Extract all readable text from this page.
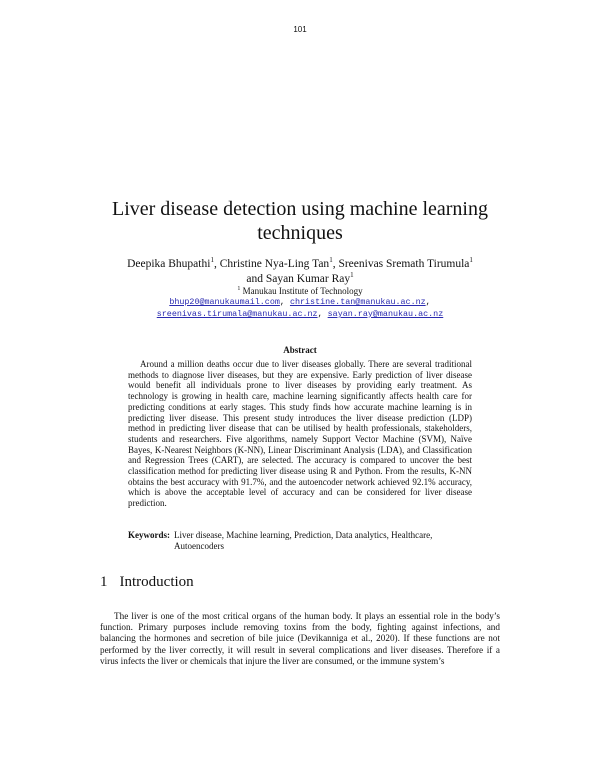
101
Liver disease detection using machine learning techniques
Deepika Bhupathi$^1$, Christine Nya-Ling Tan$^1$, Sreenivas Sremath Tirumula$^1$
and Sayan Kumar Ray$^1$
$^1$ Manukau Institute of Technology
bhup20@manukaumail.com, christine.tan@manukau.ac.nz,
sreenivas.tirumala@manukau.ac.nz, sayan.ray@manukau.ac.nz
Abstract

Around a million deaths occur due to liver diseases globally. There are several traditional methods to diagnose liver diseases, but they are expensive. Early prediction of liver disease would benefit all individuals prone to liver diseases by providing early treatment. As technology is growing in health care, machine learning significantly affects health care for predicting conditions at early stages. This study finds how accurate machine learning is in predicting liver disease. This present study introduces the liver disease prediction (LDP) method in predicting liver disease that can be utilised by health professionals, stakeholders, students and researchers. Five algorithms, namely Support Vector Machine (SVM), Naïve Bayes, K-Nearest Neighbors (K-NN), Linear Discriminant Analysis (LDA), and Classification and Regression Trees (CART), are selected. The accuracy is compared to uncover the best classification method for predicting liver disease using R and Python. From the results, K-NN obtains the best accuracy with 91.7%, and the autoencoder network achieved 92.1% accuracy, which is above the acceptable level of accuracy and can be considered for liver disease prediction.

Keywords: Liver disease, Machine learning, Prediction, Data analytics, Healthcare, Autoencoders
1 Introduction

The liver is one of the most critical organs of the human body. It plays an essential role in the body’s function. Primary purposes include removing toxins from the body, fighting against infections, and balancing the hormones and secretion of bile juice (Devikanniga et al., 2020). If these functions are not performed by the liver correctly, it will result in several complications and liver diseases. Therefore if a virus infects the liver or chemicals that injure the liver are consumed, or the immune system’s
